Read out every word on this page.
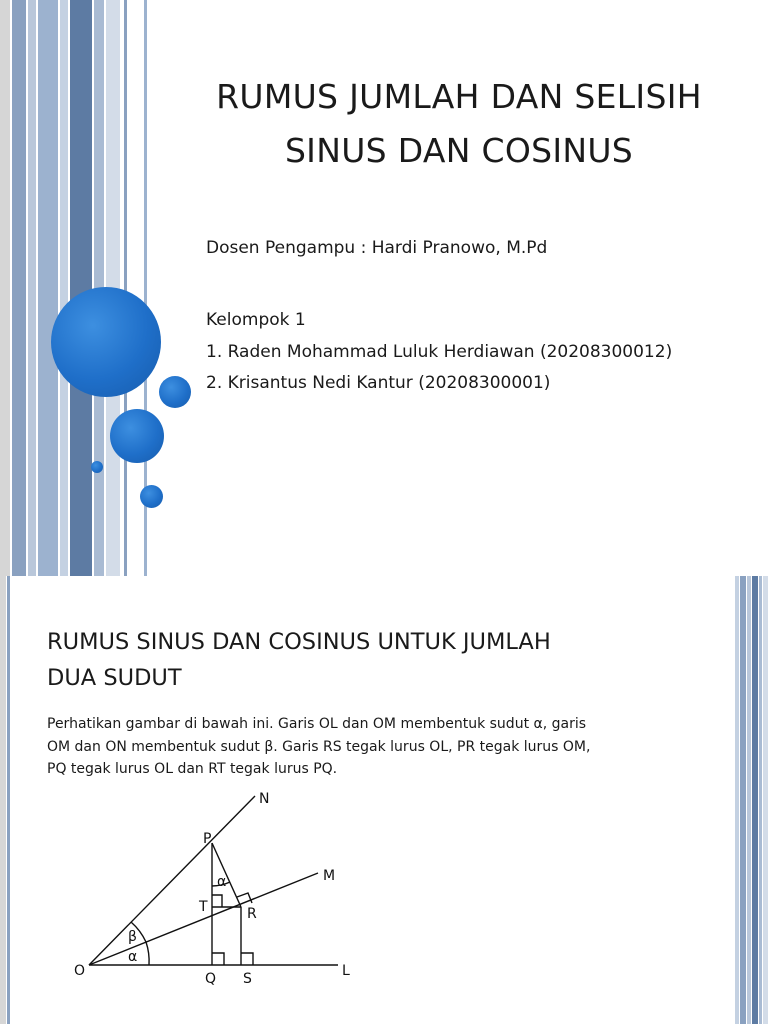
RUMUS JUMLAH DAN SELISIH
SINUS DAN COSINUS
Dosen Pengampu : Hardi Pranowo, M.Pd
Kelompok 1
1. Raden Mohammad Luluk Herdiawan (20208300012)
2. Krisantus Nedi Kantur (20208300001)
RUMUS SINUS DAN COSINUS UNTUK JUMLAH
DUA SUDUT
Perhatikan gambar di bawah ini. Garis OL dan OM membentuk sudut α, garis
OM dan ON membentuk sudut β. Garis RS tegak lurus OL, PR tegak lurus OM,
PQ tegak lurus OL dan RT tegak lurus PQ.
N
M
L
O
P
T	R
Q S
α
β
α
